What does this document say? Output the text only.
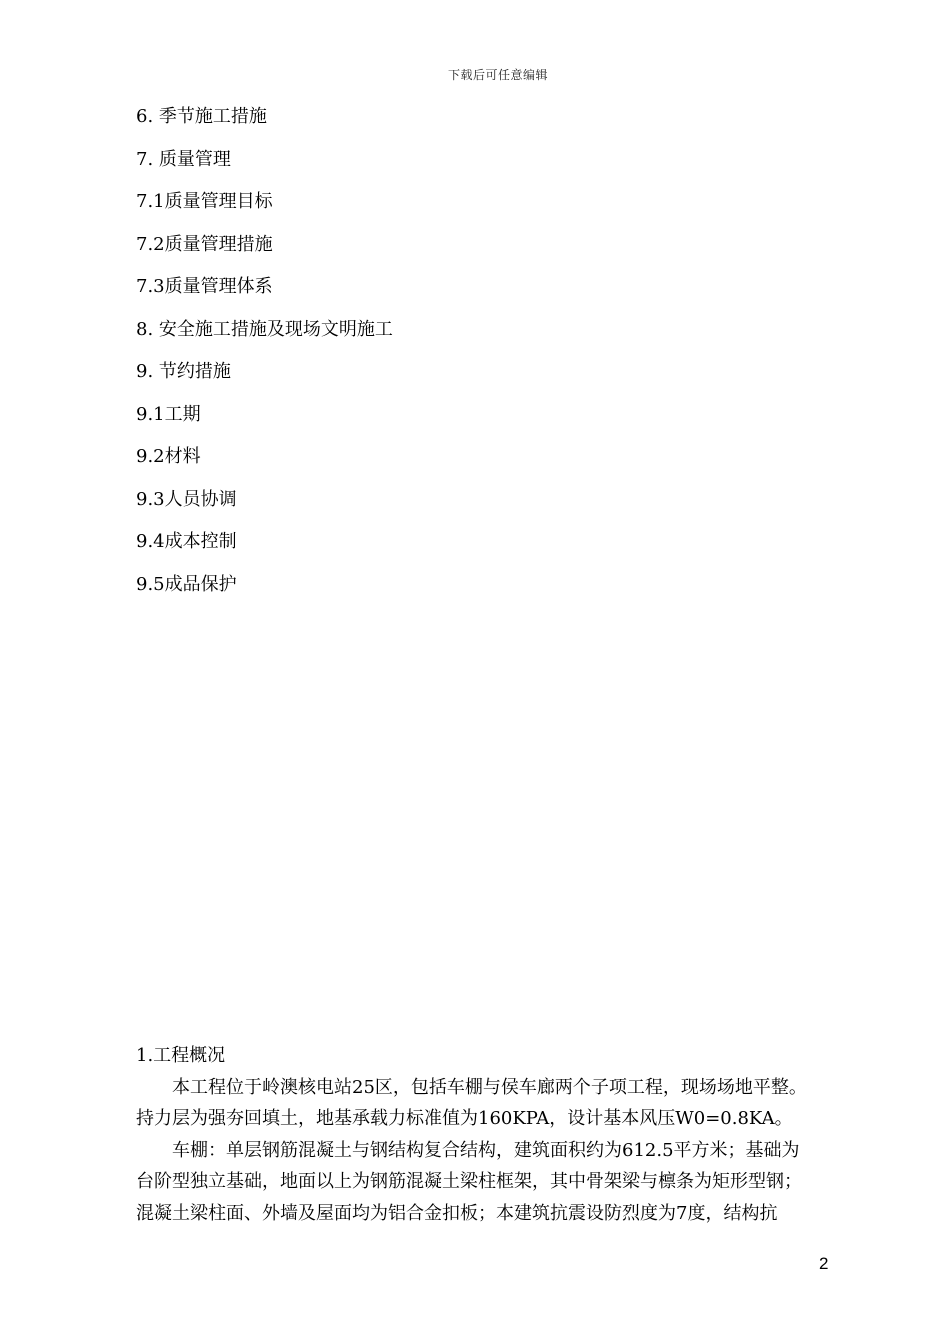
下载后可任意编辑
6. 季节施工措施
7. 质量管理
7.1质量管理目标
7.2质量管理措施
7.3质量管理体系
8. 安全施工措施及现场文明施工
9. 节约措施
9.1工期
9.2材料
9.3人员协调
9.4成本控制
9.5成品保护

1.工程概况

本工程位于岭澳核电站25区，包括车棚与侯车廊两个子项工程，现场场地平整。

持力层为强夯回填土，地基承载力标准值为160KPA，设计基本风压W0=0.8KA。

车棚：单层钢筋混凝土与钢结构复合结构，建筑面积约为612.5平方米；基础为

台阶型独立基础，地面以上为钢筋混凝土梁柱框架，其中骨架梁与檩条为矩形型钢；

混凝土梁柱面、外墙及屋面均为铝合金扣板；本建筑抗震设防烈度为7度，结构抗

2
